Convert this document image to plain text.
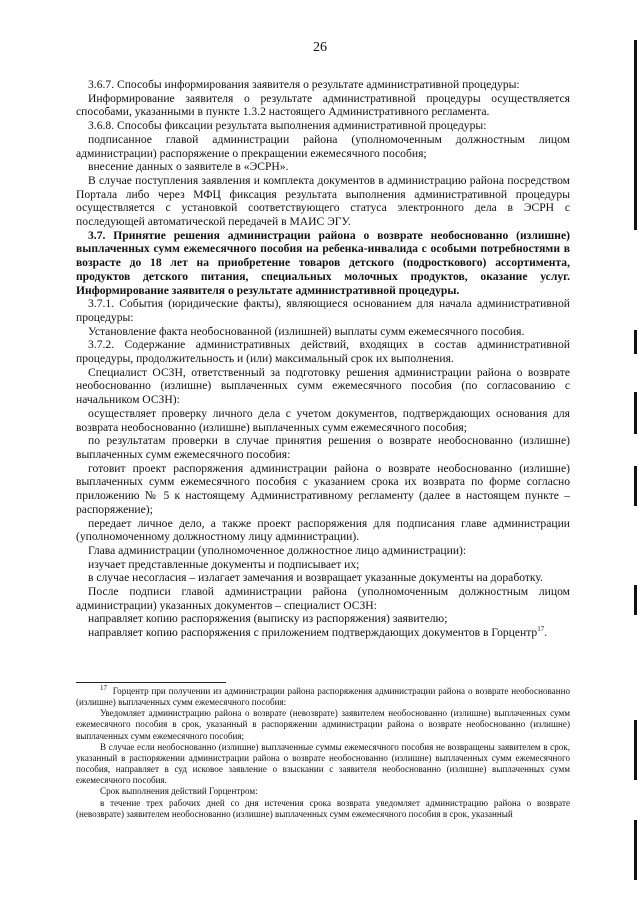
26

3.6.7. Способы информирования заявителя о результате административной процедуры:

Информирование заявителя о результате административной процедуры осуществляется способами, указанными в пункте 1.3.2 настоящего Административного регламента.

3.6.8. Способы фиксации результата выполнения административной процедуры:

подписанное главой администрации района (уполномоченным должностным лицом администрации) распоряжение о прекращении ежемесячного пособия;

внесение данных о заявителе в «ЭСРН».

В случае поступления заявления и комплекта документов в администрацию района посредством Портала либо через МФЦ фиксация результата выполнения административной процедуры осуществляется с установкой соответствующего статуса электронного дела в ЭСРН с последующей автоматической передачей в МАИС ЭГУ.

3.7. Принятие решения администрации района о возврате необоснованно (излишне) выплаченных сумм ежемесячного пособия на ребенка-инвалида с особыми потребностями в возрасте до 18 лет на приобретение товаров детского (подросткового) ассортимента, продуктов детского питания, специальных молочных продуктов, оказание услуг. Информирование заявителя о результате административной процедуры.

3.7.1. События (юридические факты), являющиеся основанием для начала административной процедуры:

Установление факта необоснованной (излишней) выплаты сумм ежемесячного пособия.

3.7.2. Содержание административных действий, входящих в состав административной процедуры, продолжительность и (или) максимальный срок их выполнения.

Специалист ОСЗН, ответственный за подготовку решения администрации района о возврате необоснованно (излишне) выплаченных сумм ежемесячного пособия (по согласованию с начальником ОСЗН):

осуществляет проверку личного дела с учетом документов, подтверждающих основания для возврата необоснованно (излишне) выплаченных сумм ежемесячного пособия;

по результатам проверки в случае принятия решения о возврате необоснованно (излишне) выплаченных сумм ежемесячного пособия:

готовит проект распоряжения администрации района о возврате необоснованно (излишне) выплаченных сумм ежемесячного пособия с указанием срока их возврата по форме согласно приложению № 5 к настоящему Административному регламенту (далее в настоящем пункте – распоряжение);

передает личное дело, а также проект распоряжения для подписания главе администрации (уполномоченному должностному лицу администрации).

Глава администрации (уполномоченное должностное лицо администрации):

изучает представленные документы и подписывает их;

в случае несогласия – излагает замечания и возвращает указанные документы на доработку.

После подписи главой администрации района (уполномоченным должностным лицом администрации) указанных документов – специалист ОСЗН:

направляет копию распоряжения (выписку из распоряжения) заявителю;

направляет копию распоряжения с приложением подтверждающих документов в Горцентр$^{17}$.

$^{17}$ Горцентр при получении из администрации района распоряжения администрации района о возврате необоснованно (излишне) выплаченных сумм ежемесячного пособия:

Уведомляет администрацию района о возврате (невозврате) заявителем необоснованно (излишне) выплаченных сумм ежемесячного пособия в срок, указанный в распоряжении администрации района о возврате необоснованно (излишне) выплаченных сумм ежемесячного пособия;

В случае если необоснованно (излишне) выплаченные суммы ежемесячного пособия не возвращены заявителем в срок, указанный в распоряжении администрации района о возврате необоснованно (излишне) выплаченных сумм ежемесячного пособия, направляет в суд исковое заявление о взыскании с заявителя необоснованно (излишне) выплаченных сумм ежемесячного пособия.

Срок выполнения действий Горцентром:

в течение трех рабочих дней со дня истечения срока возврата уведомляет администрацию района о возврате (невозврате) заявителем необоснованно (излишне) выплаченных сумм ежемесячного пособия в срок, указанный
